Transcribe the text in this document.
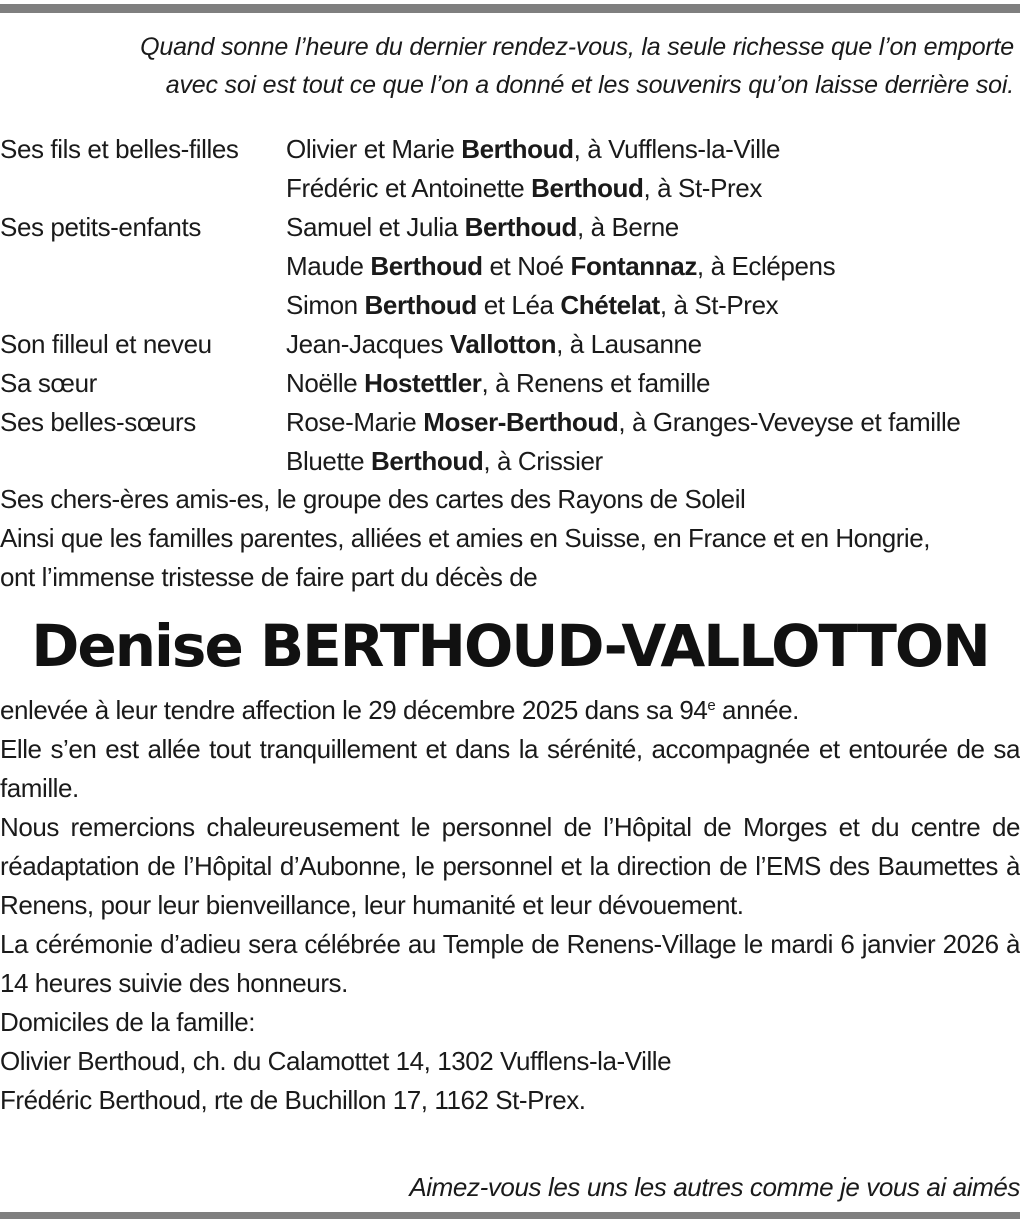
Quand sonne l’heure du dernier rendez-vous, la seule richesse que l’on emporte
avec soi est tout ce que l’on a donné et les souvenirs qu’on laisse derrière soi.
Ses fils et belles-filles	Olivier et Marie Berthoud, à Vufflens-la-Ville
Frédéric et Antoinette Berthoud, à St-Prex
Ses petits-enfants	Samuel et Julia Berthoud, à Berne
Maude Berthoud et Noé Fontannaz, à Eclépens
Simon Berthoud et Léa Chételat, à St-Prex
Son filleul et neveu	Jean-Jacques Vallotton, à Lausanne
Sa sœur	Noëlle Hostettler, à Renens et famille
Ses belles-sœurs	Rose-Marie Moser-Berthoud, à Granges-Veveyse et famille
Bluette Berthoud, à Crissier
Ses chers-ères amis-es, le groupe des cartes des Rayons de Soleil
Ainsi que les familles parentes, alliées et amies en Suisse, en France et en Hongrie,
ont l’immense tristesse de faire part du décès de
Denise BERTHOUD-VALLOTTON
enlevée à leur tendre affection le 29 décembre 2025 dans sa 94e année.

Elle s’en est allée tout tranquillement et dans la sérénité, accompagnée et entourée de sa famille.

Nous remercions chaleureusement le personnel de l’Hôpital de Morges et du centre de réadaptation de l’Hôpital d’Aubonne, le personnel et la direction de l’EMS des Baumettes à Renens, pour leur bienveillance, leur humanité et leur dévouement.

La cérémonie d’adieu sera célébrée au Temple de Renens-Village le mardi 6 janvier 2026 à 14 heures suivie des honneurs.

Domiciles de la famille:
Olivier Berthoud, ch. du Calamottet 14, 1302 Vufflens-la-Ville
Frédéric Berthoud, rte de Buchillon 17, 1162 St-Prex.
Aimez-vous les uns les autres comme je vous ai aimés
